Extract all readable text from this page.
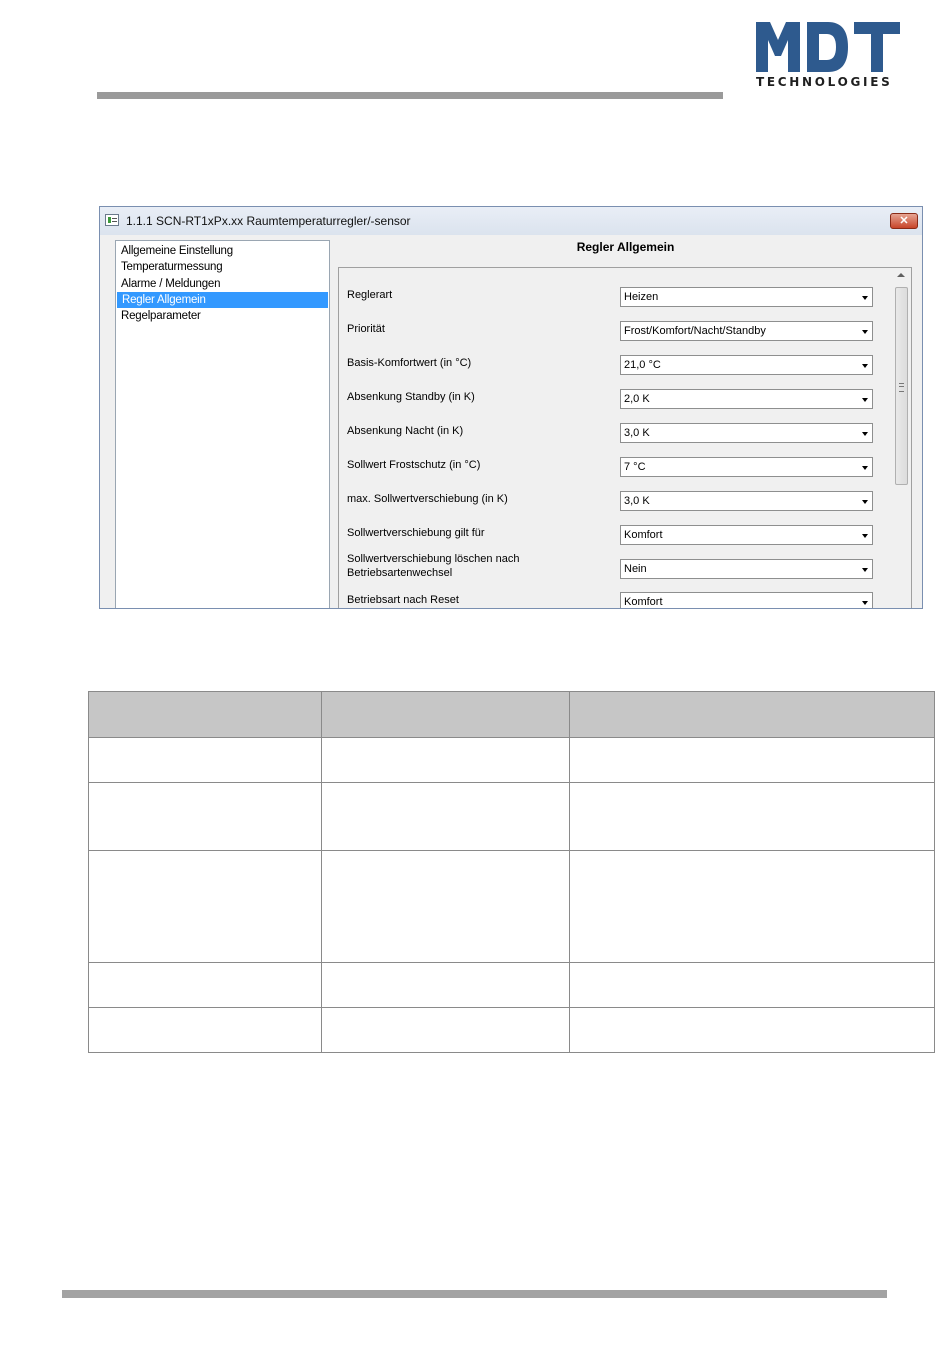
TECHNOLOGIES
1.1.1 SCN-RT1xPx.xx Raumtemperaturregler/-sensor	✕
Allgemeine Einstellung
Temperaturmessung
Alarme / Meldungen
Regler Allgemein
Regelparameter
Regler Allgemein
Reglerart	Heizen
Priorität	Frost/Komfort/Nacht/Standby
Basis-Komfortwert (in °C)	21,0 °C
Absenkung Standby (in K)	2,0 K
Absenkung Nacht (in K)	3,0 K
Sollwert Frostschutz (in °C)	7 °C
max. Sollwertverschiebung (in K)	3,0 K
Sollwertverschiebung gilt für	Komfort
Sollwertverschiebung löschen nach Betriebsartenwechsel	Nein
Betriebsart nach Reset	Komfort
